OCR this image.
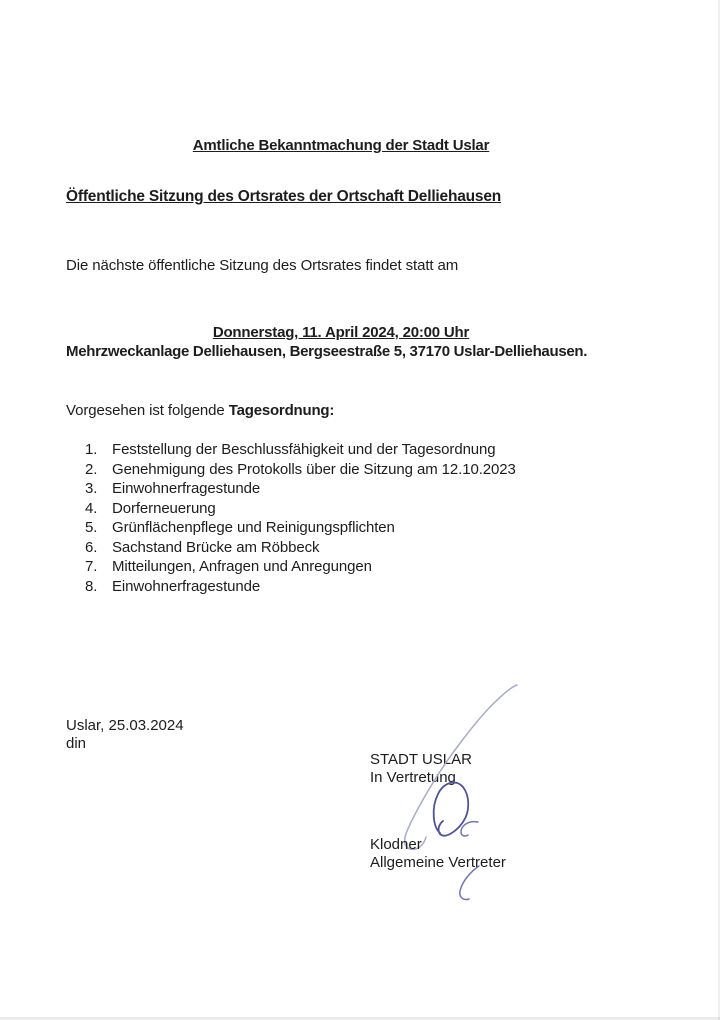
Amtliche Bekanntmachung der Stadt Uslar
Öffentliche Sitzung des Ortsrates der Ortschaft Delliehausen
Die nächste öffentliche Sitzung des Ortsrates findet statt am
Donnerstag, 11. April 2024, 20:00 Uhr
Mehrzweckanlage Delliehausen, Bergseestraße 5, 37170 Uslar-Delliehausen.
Vorgesehen ist folgende Tagesordnung:
1. Feststellung der Beschlussfähigkeit und der Tagesordnung
2. Genehmigung des Protokolls über die Sitzung am 12.10.2023
3. Einwohnerfragestunde
4. Dorferneuerung
5. Grünflächenpflege und Reinigungspflichten
6. Sachstand Brücke am Röbbeck
7. Mitteilungen, Anfragen und Anregungen
8. Einwohnerfragestunde
Uslar, 25.03.2024
din
STADT USLAR
In Vertretung
Klodner
Allgemeine Vertreter
